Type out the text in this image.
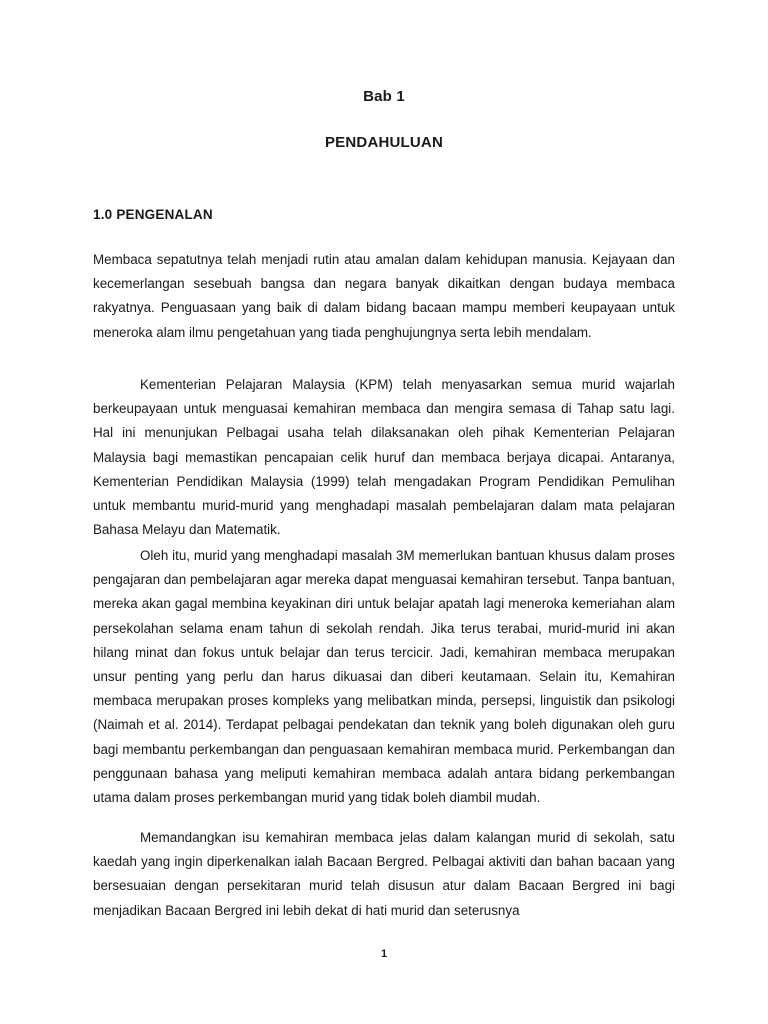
Bab 1
PENDAHULUAN
1.0 PENGENALAN

Membaca sepatutnya telah menjadi rutin atau amalan dalam kehidupan manusia. Kejayaan dan kecemerlangan sesebuah bangsa dan negara banyak dikaitkan dengan budaya membaca rakyatnya. Penguasaan yang baik di dalam bidang bacaan mampu memberi keupayaan untuk meneroka alam ilmu pengetahuan yang tiada penghujungnya serta lebih mendalam.

Kementerian Pelajaran Malaysia (KPM) telah menyasarkan semua murid wajarlah berkeupayaan untuk menguasai kemahiran membaca dan mengira semasa di Tahap satu lagi. Hal ini menunjukan Pelbagai usaha telah dilaksanakan oleh pihak Kementerian Pelajaran Malaysia bagi memastikan pencapaian celik huruf dan membaca berjaya dicapai. Antaranya, Kementerian Pendidikan Malaysia (1999) telah mengadakan Program Pendidikan Pemulihan untuk membantu murid-murid yang menghadapi masalah pembelajaran dalam mata pelajaran Bahasa Melayu dan Matematik.

Oleh itu, murid yang menghadapi masalah 3M memerlukan bantuan khusus dalam proses pengajaran dan pembelajaran agar mereka dapat menguasai kemahiran tersebut. Tanpa bantuan, mereka akan gagal membina keyakinan diri untuk belajar apatah lagi meneroka kemeriahan alam persekolahan selama enam tahun di sekolah rendah. Jika terus terabai, murid-murid ini akan hilang minat dan fokus untuk belajar dan terus tercicir. Jadi, kemahiran membaca merupakan unsur penting yang perlu dan harus dikuasai dan diberi keutamaan. Selain itu, Kemahiran membaca merupakan proses kompleks yang melibatkan minda, persepsi, linguistik dan psikologi (Naimah et al. 2014). Terdapat pelbagai pendekatan dan teknik yang boleh digunakan oleh guru bagi membantu perkembangan dan penguasaan kemahiran membaca murid. Perkembangan dan penggunaan bahasa yang meliputi kemahiran membaca adalah antara bidang perkembangan utama dalam proses perkembangan murid yang tidak boleh diambil mudah.

Memandangkan isu kemahiran membaca jelas dalam kalangan murid di sekolah, satu kaedah yang ingin diperkenalkan ialah Bacaan Bergred. Pelbagai aktiviti dan bahan bacaan yang bersesuaian dengan persekitaran murid telah disusun atur dalam Bacaan Bergred ini bagi menjadikan Bacaan Bergred ini lebih dekat di hati murid dan seterusnya

1
